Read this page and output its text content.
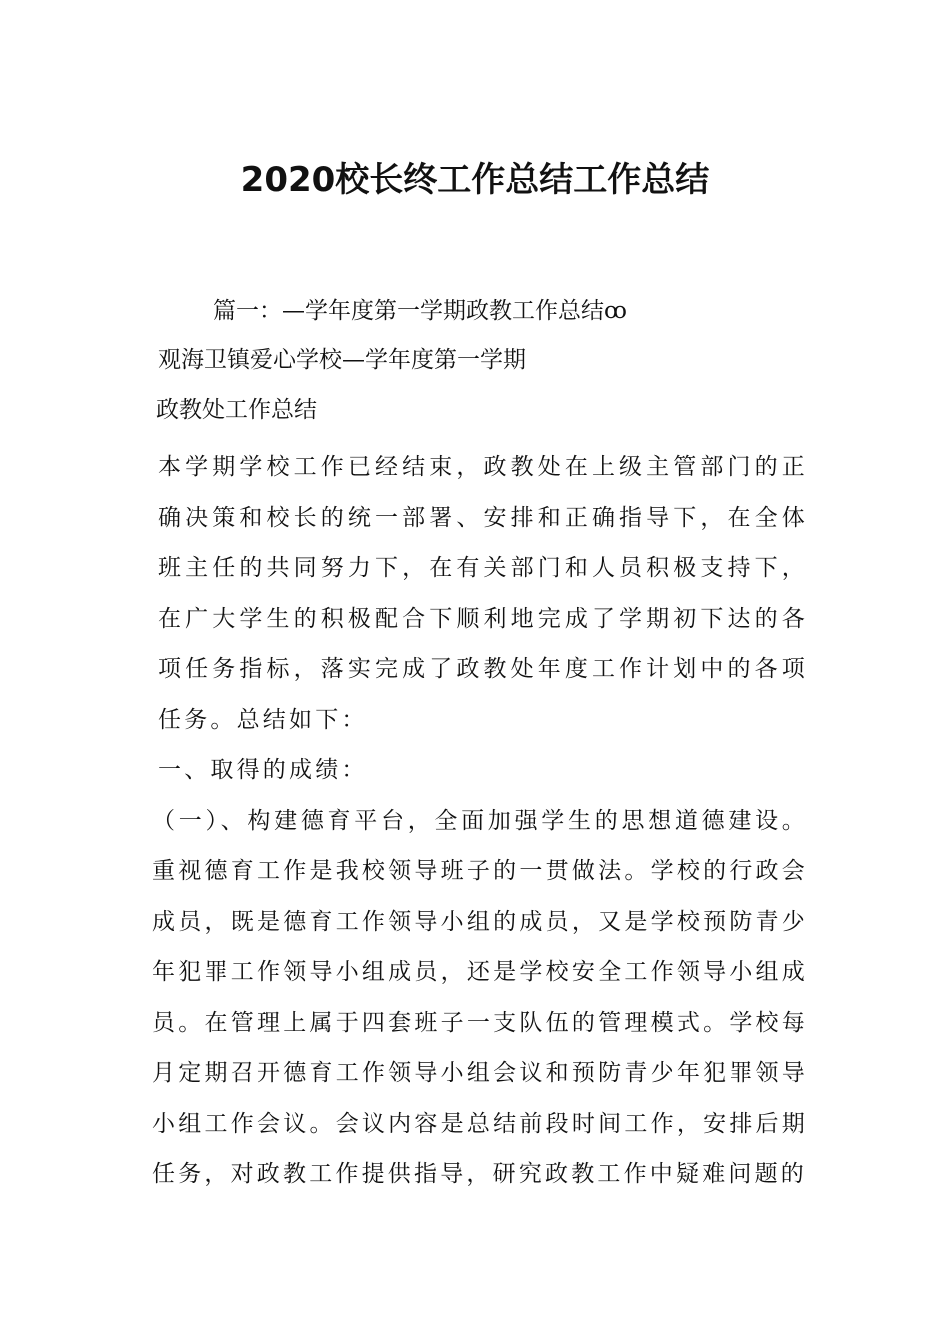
2020校长终工作总结工作总结

篇一：—学年度第一学期政教工作总结ꚙ

观海卫镇爱心学校—学年度第一学期

政教处工作总结

本学期学校工作已经结束，政教处在上级主管部门的正确决策和校长的统一部署、安排和正确指导下，在全体班主任的共同努力下，在有关部门和人员积极支持下，在广大学生的积极配合下顺利地完成了学期初下达的各项任务指标，落实完成了政教处年度工作计划中的各项任务。总结如下：

一、取得的成绩：

（一）、构建德育平台，全面加强学生的思想道德建设。重视德育工作是我校领导班子的一贯做法。学校的行政会成员，既是德育工作领导小组的成员，又是学校预防青少年犯罪工作领导小组成员，还是学校安全工作领导小组成员。在管理上属于四套班子一支队伍的管理模式。学校每月定期召开德育工作领导小组会议和预防青少年犯罪领导小组工作会议。会议内容是总结前段时间工作，安排后期任务，对政教工作提供指导，研究政教工作中疑难问题的
